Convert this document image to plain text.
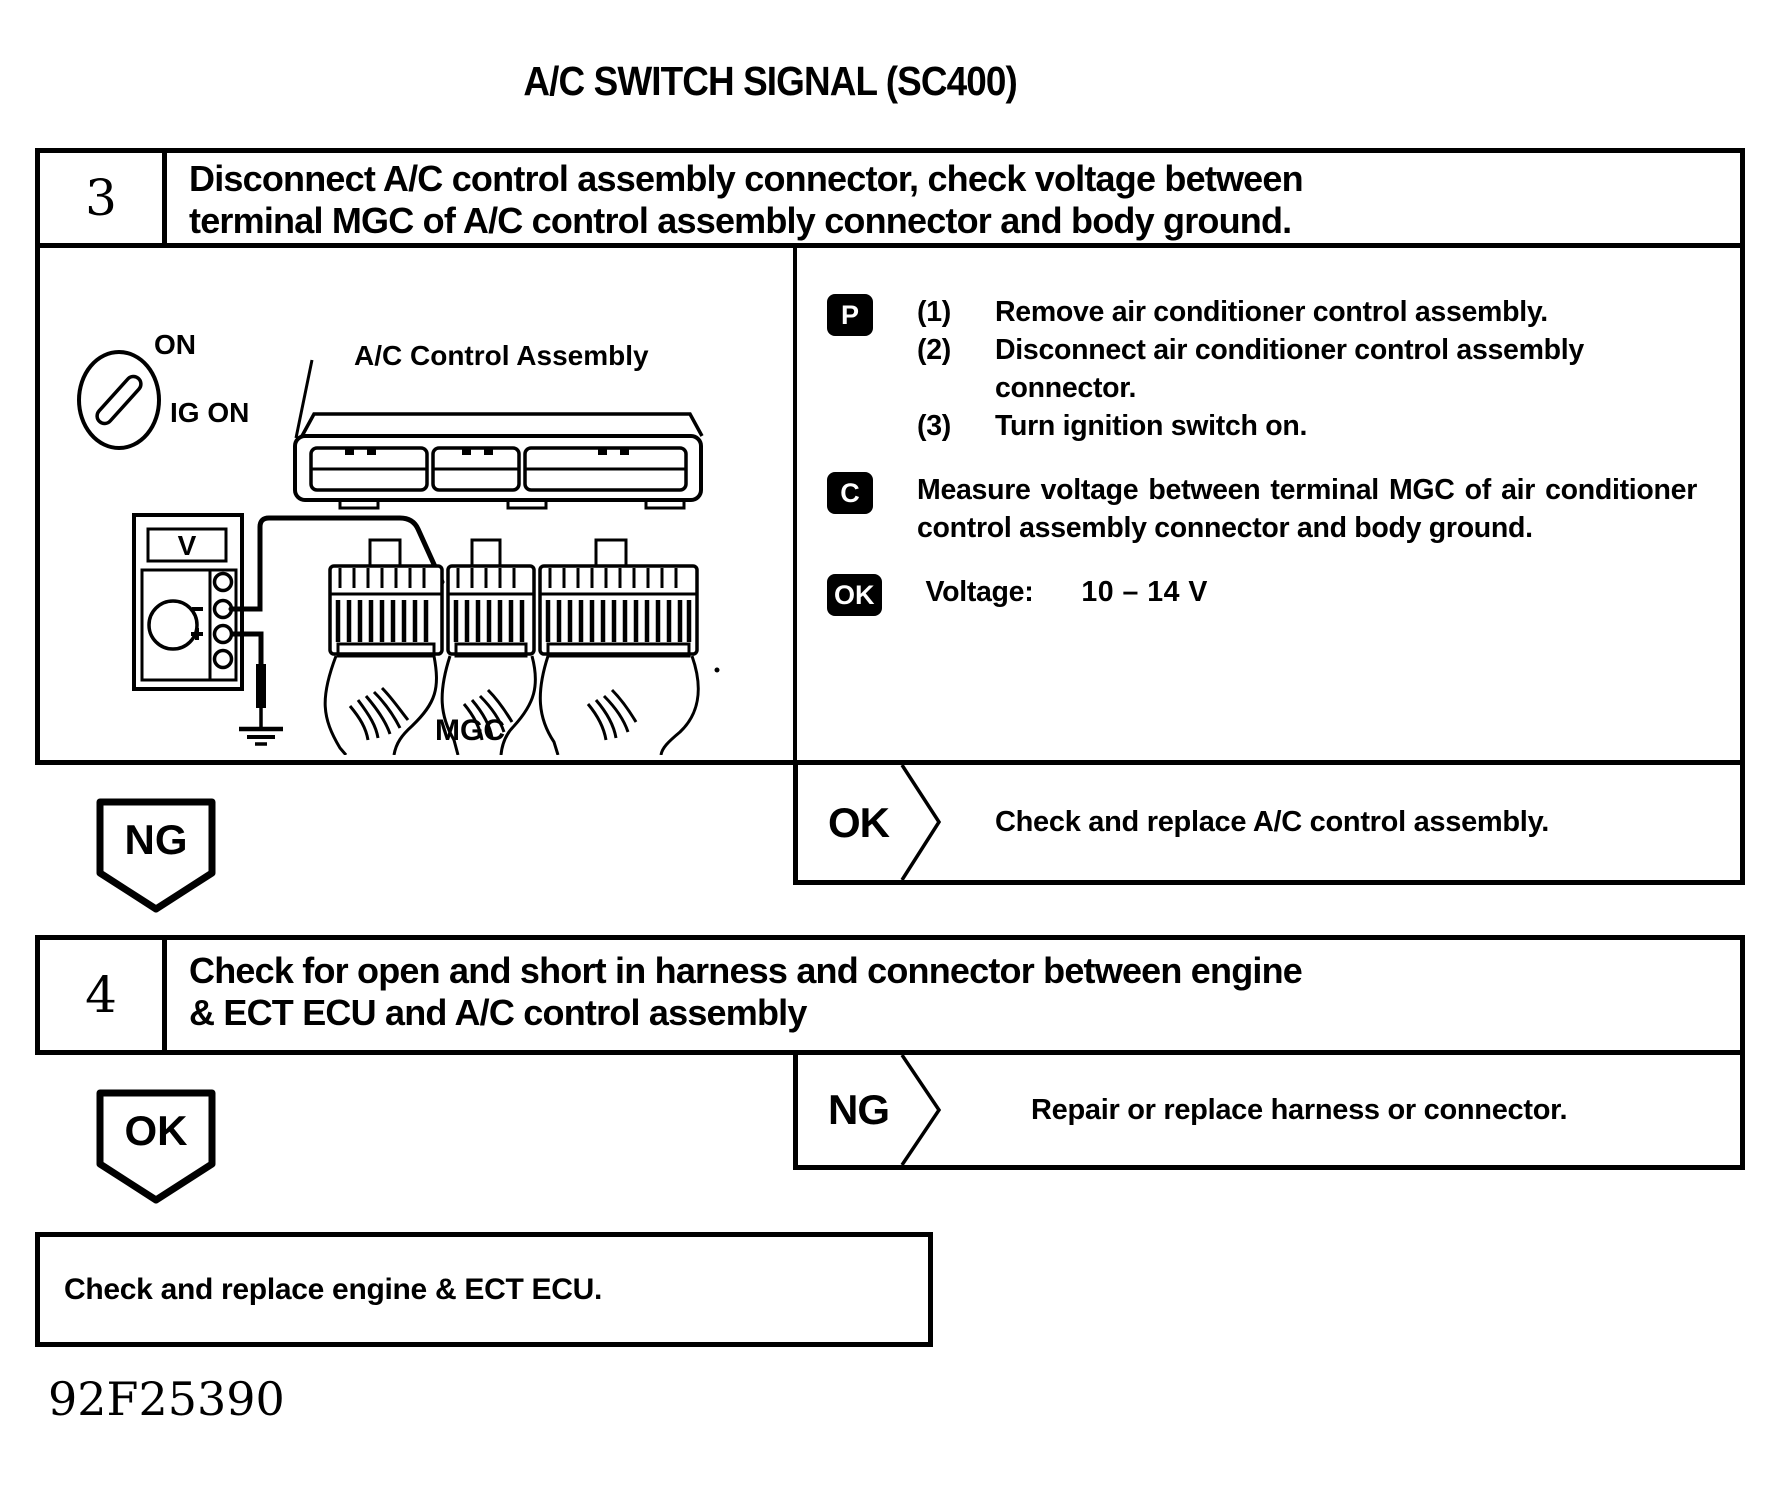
A/C SWITCH SIGNAL (SC400)
3	Disconnect A/C control assembly connector, check voltage between
terminal MGC of A/C control assembly connector and body ground.
ON
IG ON
A/C Control Assembly
V
MGC
P	(1)	Remove air conditioner control assembly.
(2)	Disconnect air conditioner control assembly connector.
(3)	Turn ignition switch on.
C	Measure voltage between terminal MGC of air conditioner control assembly connector and body ground.

OK Voltage: 10 – 14 V
OK	Check and replace A/C control assembly.
NG
4	Check for open and short in harness and connector between engine
& ECT ECU and A/C control assembly
NG	Repair or replace harness or connector.
OK
Check and replace engine & ECT ECU.
92F25390
